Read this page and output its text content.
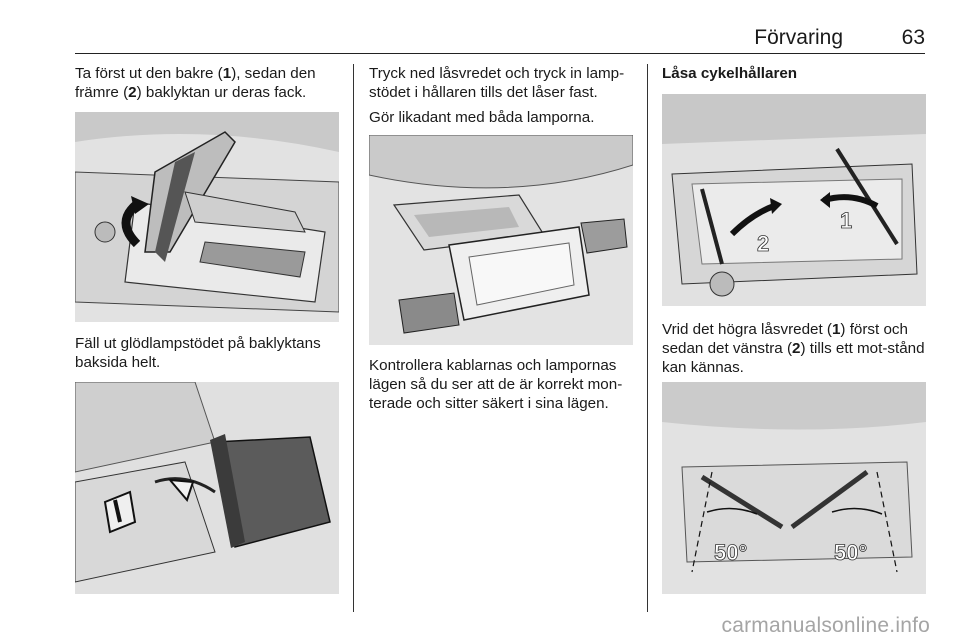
Förvaring	63

Ta först ut den bakre (1), sedan den främre (2) baklyktan ur deras fack.

Fäll ut glödlampstödet på baklyktans baksida helt.

Tryck ned låsvredet och tryck in lamp-stödet i hållaren tills det låser fast.

Gör likadant med båda lamporna.

Kontrollera kablarnas och lampornas lägen så du ser att de är korrekt mon-terade och sitter säkert i sina lägen.

Låsa cykelhållaren

2
1

Vrid det högra låsvredet (1) först och sedan det vänstra (2) tills ett mot-stånd kan kännas.

50°	50°
carmanualsonline.info
